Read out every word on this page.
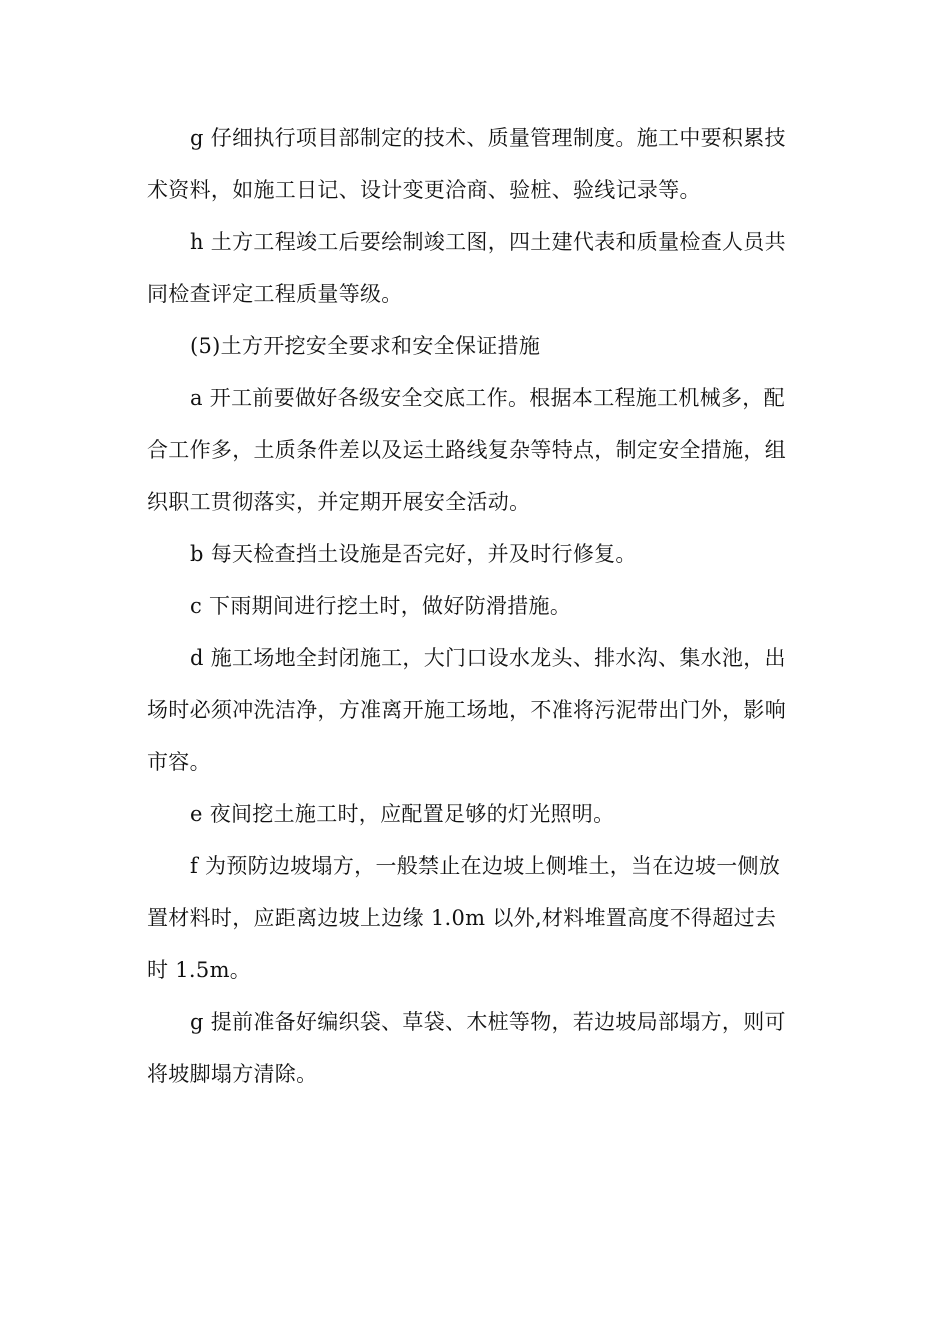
g 仔细执行项目部制定的技术、质量管理制度。施工中要积累技术资料，如施工日记、设计变更洽商、验桩、验线记录等。

h 土方工程竣工后要绘制竣工图，四土建代表和质量检查人员共同检查评定工程质量等级。

(5)土方开挖安全要求和安全保证措施

a 开工前要做好各级安全交底工作。根据本工程施工机械多，配合工作多，土质条件差以及运土路线复杂等特点，制定安全措施，组织职工贯彻落实，并定期开展安全活动。

b 每天检查挡土设施是否完好，并及时行修复。

c 下雨期间进行挖土时，做好防滑措施。

d 施工场地全封闭施工，大门口设水龙头、排水沟、集水池，出场时必须冲洗洁净，方准离开施工场地，不准将污泥带出门外，影响市容。

e 夜间挖土施工时，应配置足够的灯光照明。

f 为预防边坡塌方，一般禁止在边坡上侧堆土，当在边坡一侧放置材料时，应距离边坡上边缘 1.0m 以外,材料堆置高度不得超过去时 1.5m。

g 提前准备好编织袋、草袋、木桩等物，若边坡局部塌方，则可将坡脚塌方清除。
